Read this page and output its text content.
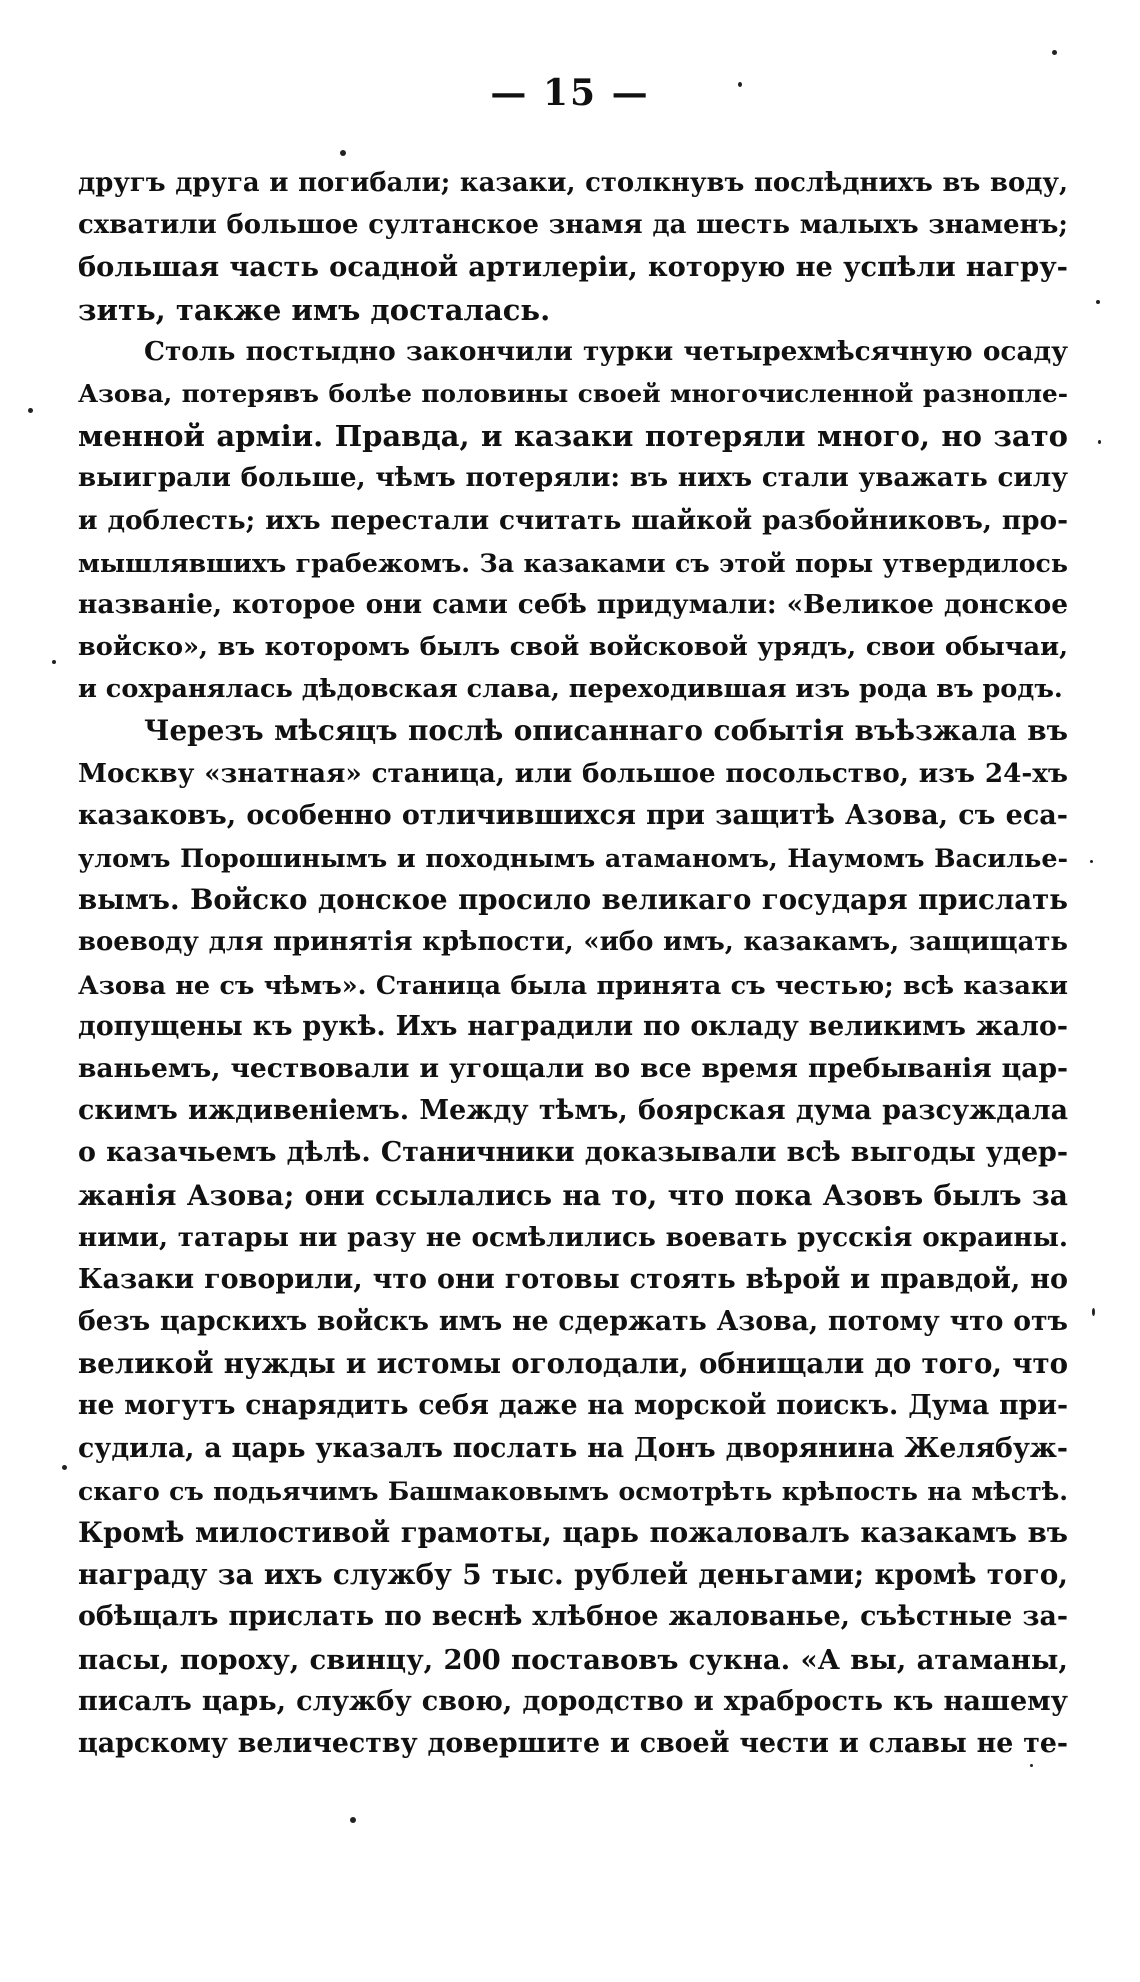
— 15 —
другъ друга и погибали; казаки, столкнувъ послѣднихъ въ воду,
схватили большое султанское знамя да шесть малыхъ знаменъ;
большая часть осадной артилеріи, которую не успѣли нагру-
зить, также имъ досталась.
Столь постыдно закончили турки четырехмѣсячную осаду
Азова, потерявъ болѣе половины своей многочисленной разнопле-
менной арміи. Правда, и казаки потеряли много, но зато
выиграли больше, чѣмъ потеряли: въ нихъ стали уважать силу
и доблесть; ихъ перестали считать шайкой разбойниковъ, про-
мышлявшихъ грабежомъ. За казаками съ этой поры утвердилось
названіе, которое они сами себѣ придумали: «Великое донское
войско», въ которомъ былъ свой войсковой урядъ, свои обычаи,
и сохранялась дѣдовская слава, переходившая изъ рода въ родъ.
Черезъ мѣсяцъ послѣ описаннаго событія въѣзжала въ
Москву «знатная» станица, или большое посольство, изъ 24-хъ
казаковъ, особенно отличившихся при защитѣ Азова, съ еса-
уломъ Порошинымъ и походнымъ атаманомъ, Наумомъ Василье-
вымъ. Войско донское просило великаго государя прислать
воеводу для принятія крѣпости, «ибо имъ, казакамъ, защищать
Азова не съ чѣмъ». Станица была принята съ честью; всѣ казаки
допущены къ рукѣ. Ихъ наградили по окладу великимъ жало-
ваньемъ, чествовали и угощали во все время пребыванія цар-
скимъ иждивеніемъ. Между тѣмъ, боярская дума разсуждала
о казачьемъ дѣлѣ. Станичники доказывали всѣ выгоды удер-
жанія Азова; они ссылались на то, что пока Азовъ былъ за
ними, татары ни разу не осмѣлились воевать русскія окраины.
Казаки говорили, что они готовы стоять вѣрой и правдой, но
безъ царскихъ войскъ имъ не сдержать Азова, потому что отъ
великой нужды и истомы оголодали, обнищали до того, что
не могутъ снарядить себя даже на морской поискъ. Дума при-
судила, а царь указалъ послать на Донъ дворянина Желябуж-
скаго съ подьячимъ Башмаковымъ осмотрѣть крѣпость на мѣстѣ.
Кромѣ милостивой грамоты, царь пожаловалъ казакамъ въ
награду за ихъ службу 5 тыс. рублей деньгами; кромѣ того,
обѣщалъ прислать по веснѣ хлѣбное жалованье, съѣстные за-
пасы, пороху, свинцу, 200 поставовъ сукна. «А вы, атаманы,
писалъ царь, службу свою, дородство и храбрость къ нашему
царскому величеству довершите и своей чести и славы не те-
